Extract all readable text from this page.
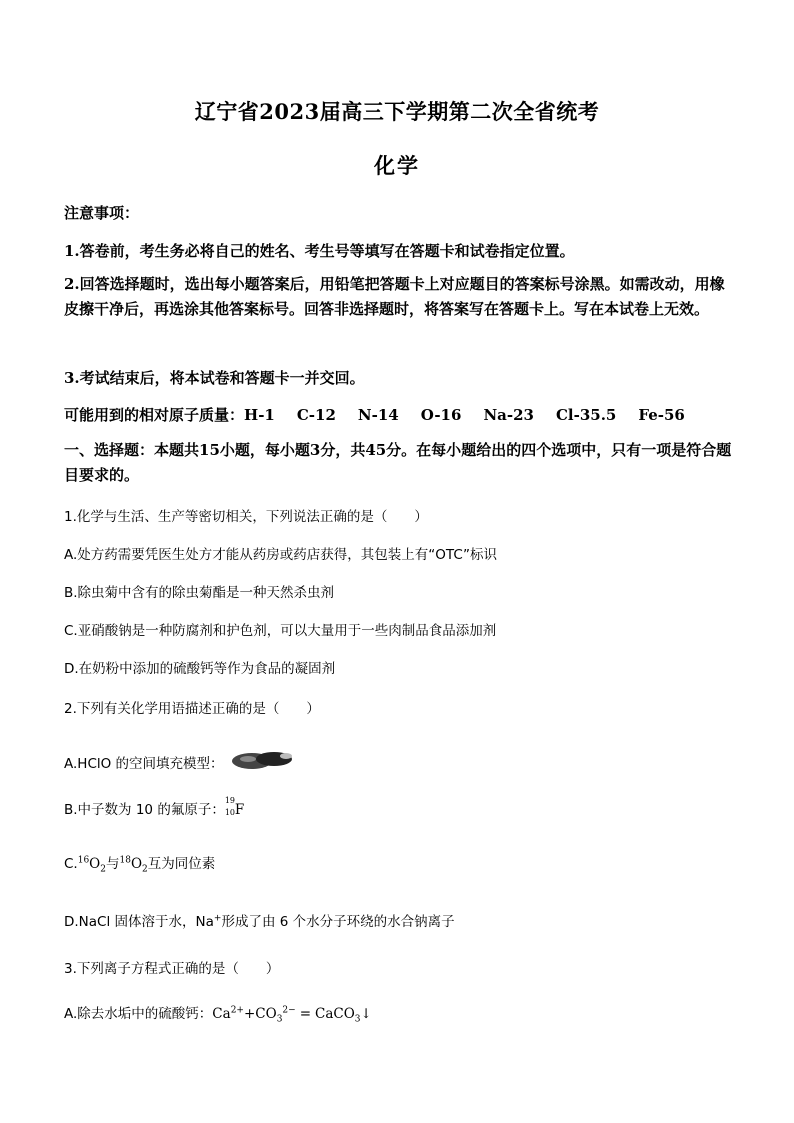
辽宁省2023届高三下学期第二次全省统考
化学
注意事项：
1.答卷前，考生务必将自己的姓名、考生号等填写在答题卡和试卷指定位置。
2.回答选择题时，选出每小题答案后，用铅笔把答题卡上对应题目的答案标号涂黑。如需改动，用橡皮擦干净后，再选涂其他答案标号。回答非选择题时，将答案写在答题卡上。写在本试卷上无效。
3.考试结束后，将本试卷和答题卡一并交回。
可能用到的相对原子质量：H-1 C-12 N-14 O-16 Na-23 Cl-35.5 Fe-56
一、选择题：本题共15小题，每小题3分，共45分。在每小题给出的四个选项中，只有一项是符合题目要求的。
1.化学与生活、生产等密切相关，下列说法正确的是（　　）
A.处方药需要凭医生处方才能从药房或药店获得，其包装上有“OTC”标识
B.除虫菊中含有的除虫菊酯是一种天然杀虫剂
C.亚硝酸钠是一种防腐剂和护色剂，可以大量用于一些肉制品食品添加剂
D.在奶粉中添加的硫酸钙等作为食品的凝固剂
2.下列有关化学用语描述正确的是（　　）
A.HClO 的空间填充模型：
B.中子数为 10 的氟原子：
19
10 F
$C.^{16}O_2$与$^{18}O_2$互为同位素
D.NaCl 固体溶于水，Na+形成了由 6 个水分子环绕的水合钠离子
3.下列离子方程式正确的是（　　）
A.除去水垢中的硫酸钙：$Ca^{2+}+CO_3^{2-}$ = CaCO$_3$↓
